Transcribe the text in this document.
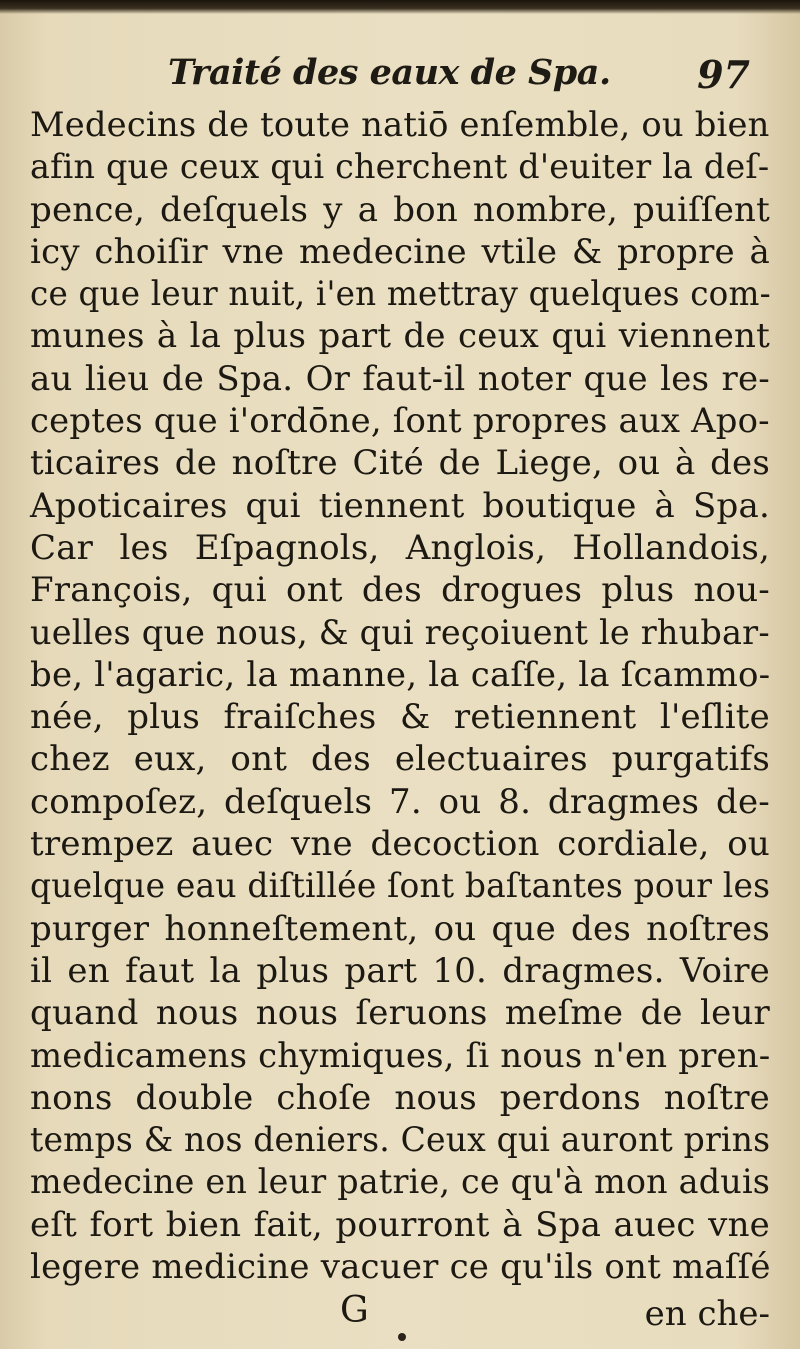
Traité des eaux de Spa. 97
Medecins de toute natiō enſemble, ou bien
afin que ceux qui cherchent d'euiter la deſ-
pence, deſquels y a bon nombre, puiſſent
icy choiſir vne medecine vtile & propre à
ce que leur nuit, i'en mettray quelques com-
munes à la plus part de ceux qui viennent
au lieu de Spa. Or faut-il noter que les re-
ceptes que i'ordōne, ſont propres aux Apo-
ticaires de noſtre Cité de Liege, ou à des
Apoticaires qui tiennent boutique à Spa.
Car les Eſpagnols, Anglois, Hollandois,
François, qui ont des drogues plus nou-
uelles que nous, & qui reçoiuent le rhubar-
be, l'agaric, la manne, la caſſe, la ſcammo-
née, plus fraiſches & retiennent l'eſlite
chez eux, ont des electuaires purgatifs
compoſez, deſquels 7. ou 8. dragmes de-
trempez auec vne decoction cordiale, ou
quelque eau diſtillée ſont baſtantes pour les
purger honneſtement, ou que des noſtres
il en faut la plus part 10. dragmes. Voire
quand nous nous ſeruons meſme de leur
medicamens chymiques, ſi nous n'en pren-
nons double choſe nous perdons noſtre
temps & nos deniers. Ceux qui auront prins
medecine en leur patrie, ce qu'à mon aduis
eſt fort bien fait, pourront à Spa auec vne
legere medicine vacuer ce qu'ils ont maſſé
G	en che-
